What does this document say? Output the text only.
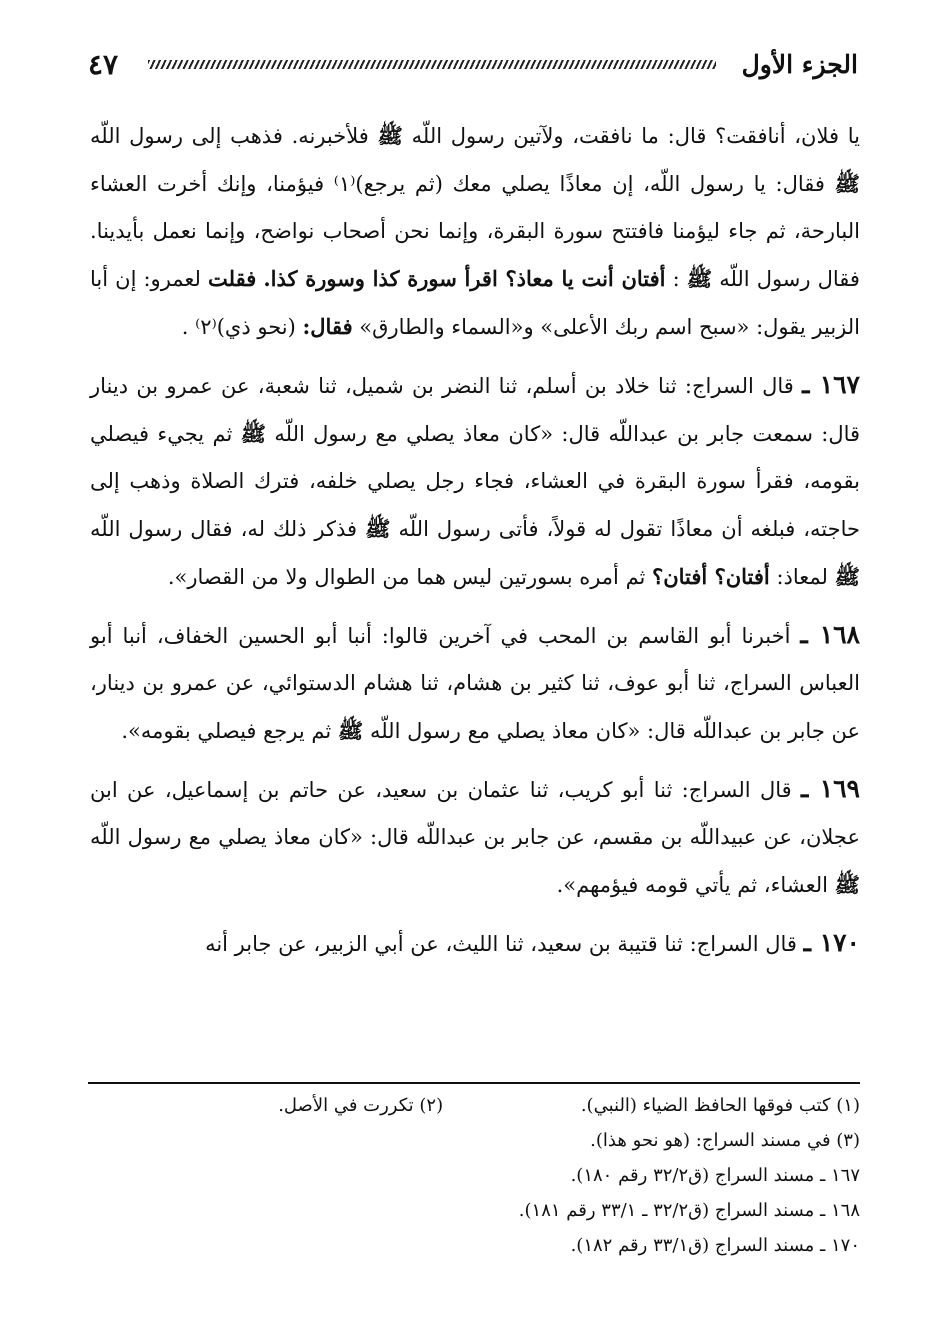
الجزء الأول
٤٧

يا فلان، أنافقت؟ قال: ما نافقت، ولآتين رسول اللّه ﷺ فلأخبرنه. فذهب إلى رسول اللّه ﷺ فقال: يا رسول اللّه، إن معاذًا يصلي معك (ثم يرجع)⁽١⁾ فيؤمنا، وإنك أخرت العشاء البارحة، ثم جاء ليؤمنا فافتتح سورة البقرة، وإنما نحن أصحاب نواضح، وإنما نعمل بأيدينا. فقال رسول اللّه ﷺ : أفتان أنت يا معاذ؟ اقرأ سورة كذا وسورة كذا. فقلت لعمرو: إن أبا الزبير يقول: «سبح اسم ربك الأعلى» و«السماء والطارق» فقال: (نحو ذي)⁽٢⁾ .

١٦٧ ـ قال السراج: ثنا خلاد بن أسلم، ثنا النضر بن شميل، ثنا شعبة، عن عمرو بن دينار قال: سمعت جابر بن عبداللّه قال: «كان معاذ يصلي مع رسول اللّه ﷺ ثم يجيء فيصلي بقومه، فقرأ سورة البقرة في العشاء، فجاء رجل يصلي خلفه، فترك الصلاة وذهب إلى حاجته، فبلغه أن معاذًا تقول له قولاً، فأتى رسول اللّه ﷺ فذكر ذلك له، فقال رسول اللّه ﷺ لمعاذ: أفتان؟ أفتان؟ ثم أمره بسورتين ليس هما من الطوال ولا من القصار».

١٦٨ ـ أخبرنا أبو القاسم بن المحب في آخرين قالوا: أنبا أبو الحسين الخفاف، أنبا أبو العباس السراج، ثنا أبو عوف، ثنا كثير بن هشام، ثنا هشام الدستوائي، عن عمرو بن دينار، عن جابر بن عبداللّه قال: «كان معاذ يصلي مع رسول اللّه ﷺ ثم يرجع فيصلي بقومه».

١٦٩ ـ قال السراج: ثنا أبو كريب، ثنا عثمان بن سعيد، عن حاتم بن إسماعيل، عن ابن عجلان، عن عبيداللّه بن مقسم، عن جابر بن عبداللّه قال: «كان معاذ يصلي مع رسول اللّه ﷺ العشاء، ثم يأتي قومه فيؤمهم».

١٧٠ ـ قال السراج: ثنا قتيبة بن سعيد، ثنا الليث، عن أبي الزبير، عن جابر أنه

(١) كتب فوقها الحافظ الضياء (النبي).
(٢) تكررت في الأصل.
(٣) في مسند السراج: (هو نحو هذا).
١٦٧ ـ مسند السراج (ق٣٢/٢ رقم ١٨٠).
١٦٨ ـ مسند السراج (ق٣٢/٢ ـ ٣٣/١ رقم ١٨١).
١٧٠ ـ مسند السراج (ق٣٣/١ رقم ١٨٢).
